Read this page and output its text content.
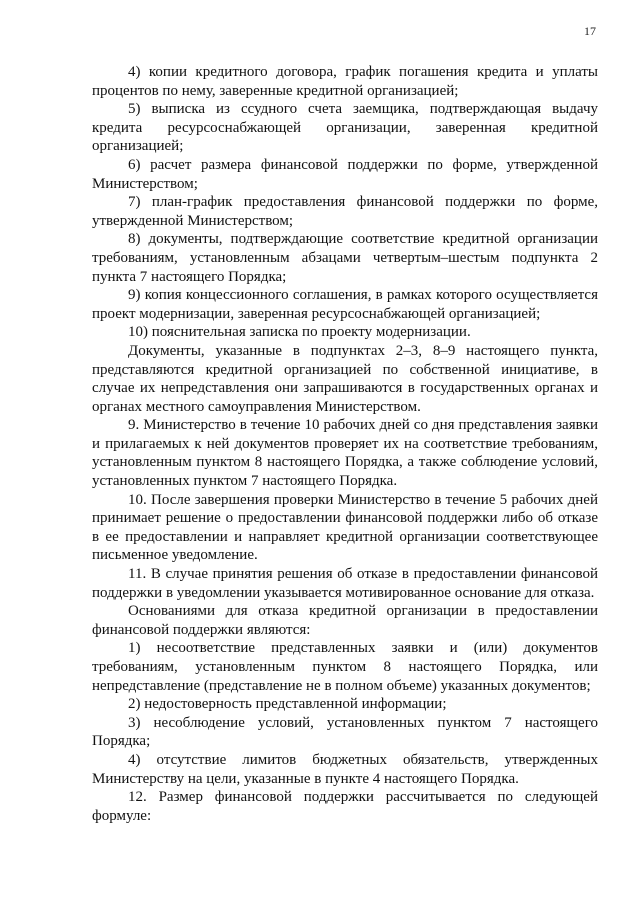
17

4) копии кредитного договора, график погашения кредита и уплаты процентов по нему, заверенные кредитной организацией;

5) выписка из ссудного счета заемщика, подтверждающая выдачу кредита ресурсоснабжающей организации, заверенная кредитной организацией;

6) расчет размера финансовой поддержки по форме, утвержденной Министерством;

7) план-график предоставления финансовой поддержки по форме, утвержденной Министерством;

8) документы, подтверждающие соответствие кредитной организации требованиям, установленным абзацами четвертым–шестым подпункта 2 пункта 7 настоящего Порядка;

9) копия концессионного соглашения, в рамках которого осуществляется проект модернизации, заверенная ресурсоснабжающей организацией;

10) пояснительная записка по проекту модернизации.

Документы, указанные в подпунктах 2–3, 8–9 настоящего пункта, представляются кредитной организацией по собственной инициативе, в случае их непредставления они запрашиваются в государственных органах и органах местного самоуправления Министерством.

9. Министерство в течение 10 рабочих дней со дня представления заявки и прилагаемых к ней документов проверяет их на соответствие требованиям, установленным пунктом 8 настоящего Порядка, а также соблюдение условий, установленных пунктом 7 настоящего Порядка.

10. После завершения проверки Министерство в течение 5 рабочих дней принимает решение о предоставлении финансовой поддержки либо об отказе в ее предоставлении и направляет кредитной организации соответствующее письменное уведомление.

11. В случае принятия решения об отказе в предоставлении финансовой поддержки в уведомлении указывается мотивированное основание для отказа.

Основаниями для отказа кредитной организации в предоставлении финансовой поддержки являются:

1) несоответствие представленных заявки и (или) документов требованиям, установленным пунктом 8 настоящего Порядка, или непредставление (представление не в полном объеме) указанных документов;

2) недостоверность представленной информации;

3) несоблюдение условий, установленных пунктом 7 настоящего Порядка;

4) отсутствие лимитов бюджетных обязательств, утвержденных Министерству на цели, указанные в пункте 4 настоящего Порядка.

12. Размер финансовой поддержки рассчитывается по следующей формуле:
